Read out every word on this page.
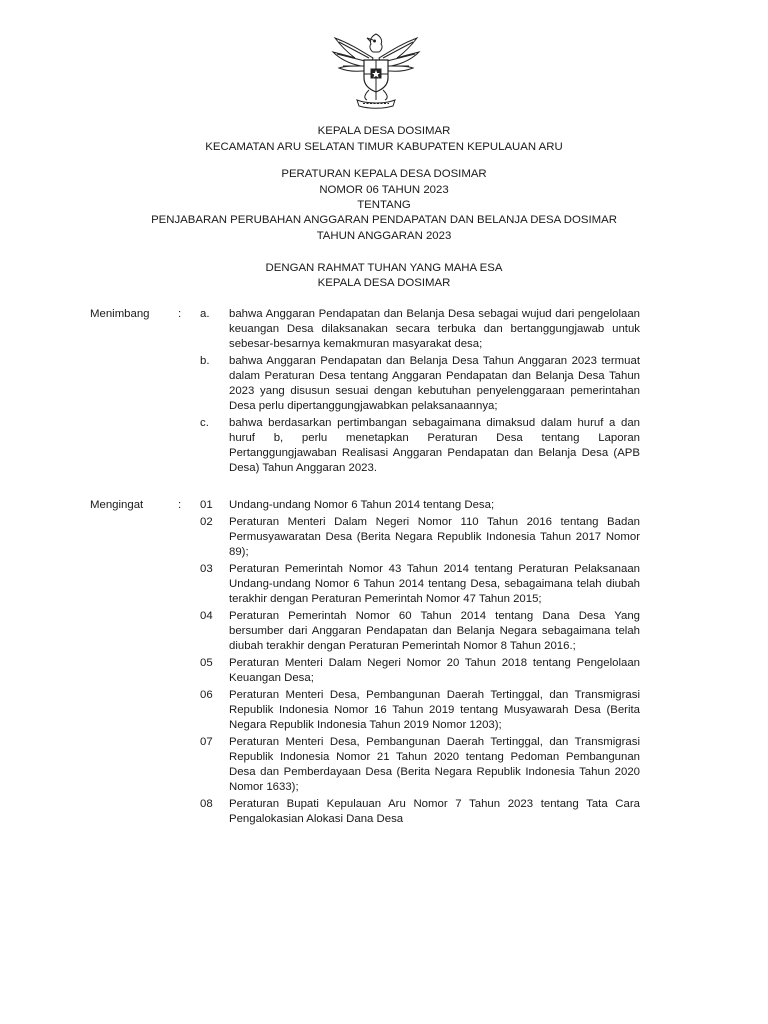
KEPALA DESA DOSIMAR
KECAMATAN ARU SELATAN TIMUR KABUPATEN KEPULAUAN ARU
PERATURAN KEPALA DESA DOSIMAR
NOMOR 06 TAHUN 2023
TENTANG
PENJABARAN PERUBAHAN ANGGARAN PENDAPATAN DAN BELANJA DESA DOSIMAR
TAHUN ANGGARAN 2023
DENGAN RAHMAT TUHAN YANG MAHA ESA
KEPALA DESA DOSIMAR
Menimbang : a. bahwa Anggaran Pendapatan dan Belanja Desa sebagai wujud dari pengelolaan keuangan Desa dilaksanakan secara terbuka dan bertanggungjawab untuk sebesar-besarnya kemakmuran masyarakat desa;
b. bahwa Anggaran Pendapatan dan Belanja Desa Tahun Anggaran 2023 termuat dalam Peraturan Desa tentang Anggaran Pendapatan dan Belanja Desa Tahun 2023 yang disusun sesuai dengan kebutuhan penyelenggaraan pemerintahan Desa perlu dipertanggungjawabkan pelaksanaannya;
c. bahwa berdasarkan pertimbangan sebagaimana dimaksud dalam huruf a dan huruf b, perlu menetapkan Peraturan Desa tentang Laporan Pertanggungjawaban Realisasi Anggaran Pendapatan dan Belanja Desa (APB Desa) Tahun Anggaran 2023.
Mengingat	: 01 Undang-undang Nomor 6 Tahun 2014 tentang Desa;
02 Peraturan Menteri Dalam Negeri Nomor 110 Tahun 2016 tentang Badan Permusyawaratan Desa (Berita Negara Republik Indonesia Tahun 2017 Nomor 89);
03 Peraturan Pemerintah Nomor 43 Tahun 2014 tentang Peraturan Pelaksanaan Undang-undang Nomor 6 Tahun 2014 tentang Desa, sebagaimana telah diubah terakhir dengan Peraturan Pemerintah Nomor 47 Tahun 2015;
04 Peraturan Pemerintah Nomor 60 Tahun 2014 tentang Dana Desa Yang bersumber dari Anggaran Pendapatan dan Belanja Negara sebagaimana telah diubah terakhir dengan Peraturan Pemerintah Nomor 8 Tahun 2016.;
05 Peraturan Menteri Dalam Negeri Nomor 20 Tahun 2018 tentang Pengelolaan Keuangan Desa;
06 Peraturan Menteri Desa, Pembangunan Daerah Tertinggal, dan Transmigrasi Republik Indonesia Nomor 16 Tahun 2019 tentang Musyawarah Desa (Berita Negara Republik Indonesia Tahun 2019 Nomor 1203);
07 Peraturan Menteri Desa, Pembangunan Daerah Tertinggal, dan Transmigrasi Republik Indonesia Nomor 21 Tahun 2020 tentang Pedoman Pembangunan Desa dan Pemberdayaan Desa (Berita Negara Republik Indonesia Tahun 2020 Nomor 1633);
08 Peraturan Bupati Kepulauan Aru Nomor 7 Tahun 2023 tentang Tata Cara Pengalokasian Alokasi Dana Desa
